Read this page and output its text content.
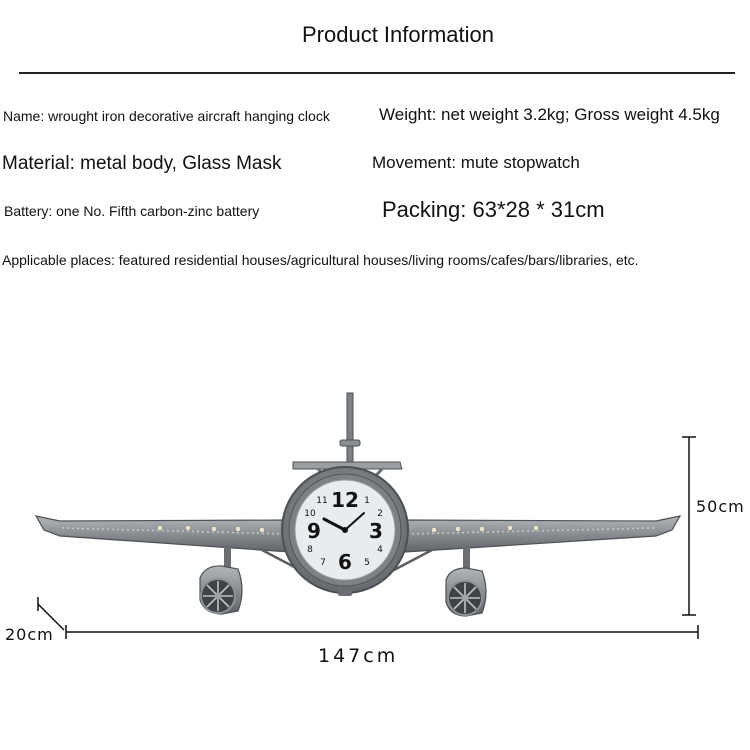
Product Information
Name: wrought iron decorative aircraft hanging clock	Weight: net weight 3.2kg; Gross weight 4.5kg
Material: metal body, Glass Mask	Movement: mute stopwatch
Battery: one No. Fifth carbon-zinc battery	Packing: 63*28 * 31cm
Applicable places: featured residential houses/agricultural houses/living rooms/cafes/bars/libraries, etc.
12 1
2
3
4
5
6
7
8
9
10
11	50cm
20cm
147cm
